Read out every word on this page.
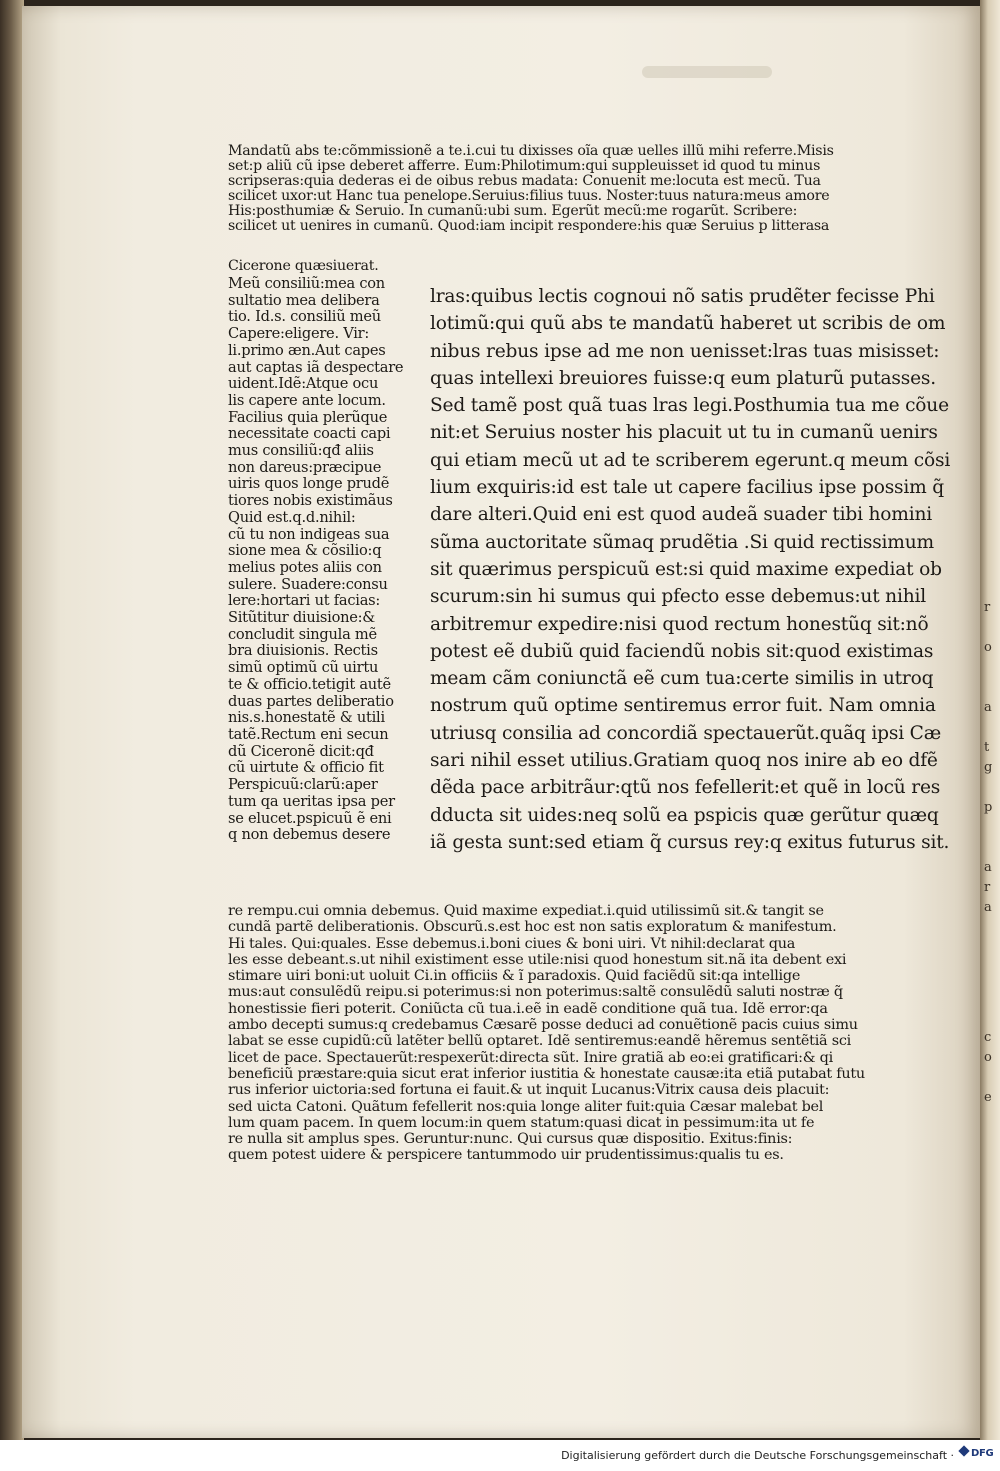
r
o
a
t
g
p
a
r
a
c
o
e
Mandatũ abs te:cõmmissionẽ a te.i.cui tu dixisses oĩa quæ uelles illũ mihi referre.Misis
set:p aliũ cũ ipse deberet afferre. Eum:Philotimum:qui suppleuisset id quod tu minus
scripseras:quia dederas ei de oibus rebus madata: Conuenit me:locuta est mecũ. Tua
scilicet uxor:ut Hanc tua penelope.Seruius:filius tuus. Noster:tuus natura:meus amore
His:posthumiæ & Seruio. In cumanũ:ubi sum. Egerũt mecũ:me rogarũt. Scribere:
scilicet ut uenires in cumanũ. Quod:iam incipit respondere:his quæ Seruius p litterasa
Cicerone quæsiuerat.
Meũ consiliũ:mea con
sultatio mea delibera
tio. Id.s. consiliũ meũ
Capere:eligere. Vir:
li.primo æn.Aut capes
aut captas iã despectare
uident.Idẽ:Atque ocu
lis capere ante locum.
Facilius quia plerũque
necessitate coacti capi
mus consiliũ:qđ aliis
non dareus:præcipue
uiris quos longe prudẽ
tiores nobis existimãus
Quid est.q.d.nihil:
cũ tu non indigeas sua
sione mea & cõsilio:q
melius potes aliis con
sulere. Suadere:consu
lere:hortari ut facias:
Sitũtitur diuisione:&
concludit singula mẽ
bra diuisionis. Rectis
simũ optimũ cũ uirtu
te & officio.tetigit autẽ
duas partes deliberatio
nis.s.honestatẽ & utili
tatẽ.Rectum eni secun
dũ Ciceronẽ dicit:qđ
cũ uirtute & officio fit
Perspicuũ:clarũ:aper
tum qa ueritas ipsa per
se elucet.pspicuũ ẽ eni
q non debemus desere
lras:quibus lectis cognoui nõ satis prudẽter fecisse Phi
lotimũ:qui quũ abs te mandatũ haberet ut scribis de om
nibus rebus ipse ad me non uenisset:lras tuas misisset:
quas intellexi breuiores fuisse:q eum platurũ putasses.
Sed tamẽ post quã tuas lras legi.Posthumia tua me cõue
nit:et Seruius noster his placuit ut tu in cumanũ uenirs
qui etiam mecũ ut ad te scriberem egerunt.q meum cõsi
lium exquiris:id est tale ut capere facilius ipse possim q̃
dare alteri.Quid eni est quod audeã suader tibi homini
sũma auctoritate sũmaq prudẽtia .Si quid rectissimum
sit quærimus perspicuũ est:si quid maxime expediat ob
scurum:sin hi sumus qui pfecto esse debemus:ut nihil
arbitremur expedire:nisi quod rectum honestũq sit:nõ
potest eẽ dubiũ quid faciendũ nobis sit:quod existimas
meam cãm coniunctã eẽ cum tua:certe similis in utroq
nostrum quũ optime sentiremus error fuit. Nam omnia
utriusq consilia ad concordiã spectauerũt.quãq ipsi Cæ
sari nihil esset utilius.Gratiam quoq nos inire ab eo dfẽ
dẽda pace arbitrãur:qtũ nos fefellerit:et quẽ in locũ res
dducta sit uides:neq solũ ea pspicis quæ gerũtur quæq
iã gesta sunt:sed etiam q̃ cursus rey:q exitus futurus sit.
re rempu.cui omnia debemus. Quid maxime expediat.i.quid utilissimũ sit.& tangit se
cundã partẽ deliberationis. Obscurũ.s.est hoc est non satis exploratum & manifestum.
Hi tales. Qui:quales. Esse debemus.i.boni ciues & boni uiri. Vt nihil:declarat qua
les esse debeant.s.ut nihil existiment esse utile:nisi quod honestum sit.nã ita debent exi
stimare uiri boni:ut uoluit Ci.in officiis & ĩ paradoxis. Quid faciẽdũ sit:qa intellige
mus:aut consulẽdũ reipu.si poterimus:si non poterimus:saltẽ consulẽdũ saluti nostræ q̃
honestissie fieri poterit. Coniũcta cũ tua.i.eẽ in eadẽ conditione quã tua. Idẽ error:qa
ambo decepti sumus:q credebamus Cæsarẽ posse deduci ad conuẽtionẽ pacis cuius simu
labat se esse cupidũ:cũ latẽter bellũ optaret. Idẽ sentiremus:eandẽ hẽremus sentẽtiã sci
licet de pace. Spectauerũt:respexerũt:directa sũt. Inire gratiã ab eo:ei gratificari:& qi
beneficiũ præstare:quia sicut erat inferior iustitia & honestate causæ:ita etiã putabat futu
rus inferior uictoria:sed fortuna ei fauit.& ut inquit Lucanus:Vitrix causa deis placuit:
sed uicta Catoni. Quãtum fefellerit nos:quia longe aliter fuit:quia Cæsar malebat bel
lum quam pacem. In quem locum:in quem statum:quasi dicat in pessimum:ita ut fe
re nulla sit amplus spes. Geruntur:nunc. Qui cursus quæ dispositio. Exitus:finis:
quem potest uidere & perspicere tantummodo uir prudentissimus:qualis tu es.
Digitalisierung gefördert durch die Deutsche Forschungsgemeinschaft ·	DFG
